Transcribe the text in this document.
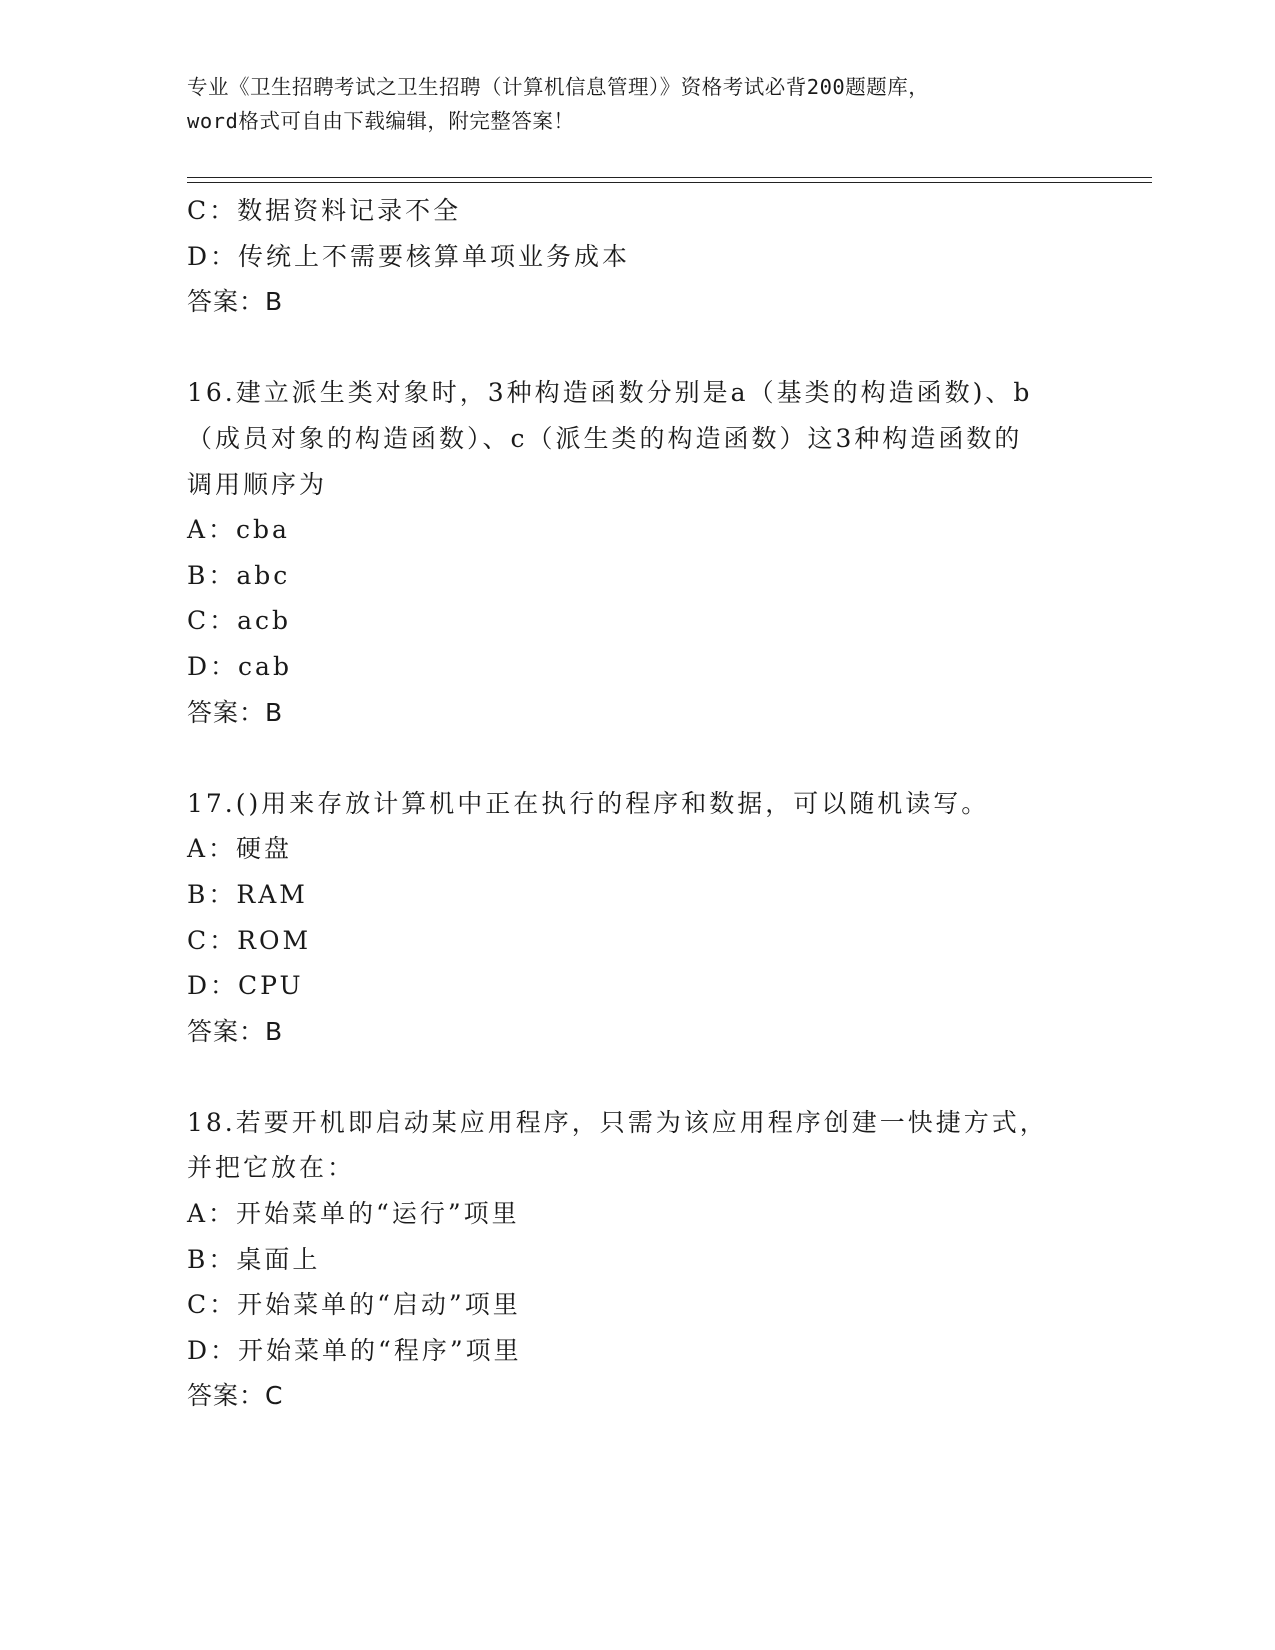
专业《卫生招聘考试之卫生招聘（计算机信息管理）》资格考试必背200题题库，
word格式可自由下载编辑，附完整答案！
C：数据资料记录不全
D：传统上不需要核算单项业务成本
答案：B
16.建立派生类对象时，3种构造函数分别是a（基类的构造函数)、b
（成员对象的构造函数）、c（派生类的构造函数）这3种构造函数的
调用顺序为
A：cba
B：abc
C：acb
D：cab
答案：B
17.()用来存放计算机中正在执行的程序和数据，可以随机读写。
A：硬盘
B：RAM
C：ROM
D：CPU
答案：B
18.若要开机即启动某应用程序，只需为该应用程序创建一快捷方式，
并把它放在：
A：开始菜单的“运行”项里
B：桌面上
C：开始菜单的“启动”项里
D：开始菜单的“程序”项里
答案：C
